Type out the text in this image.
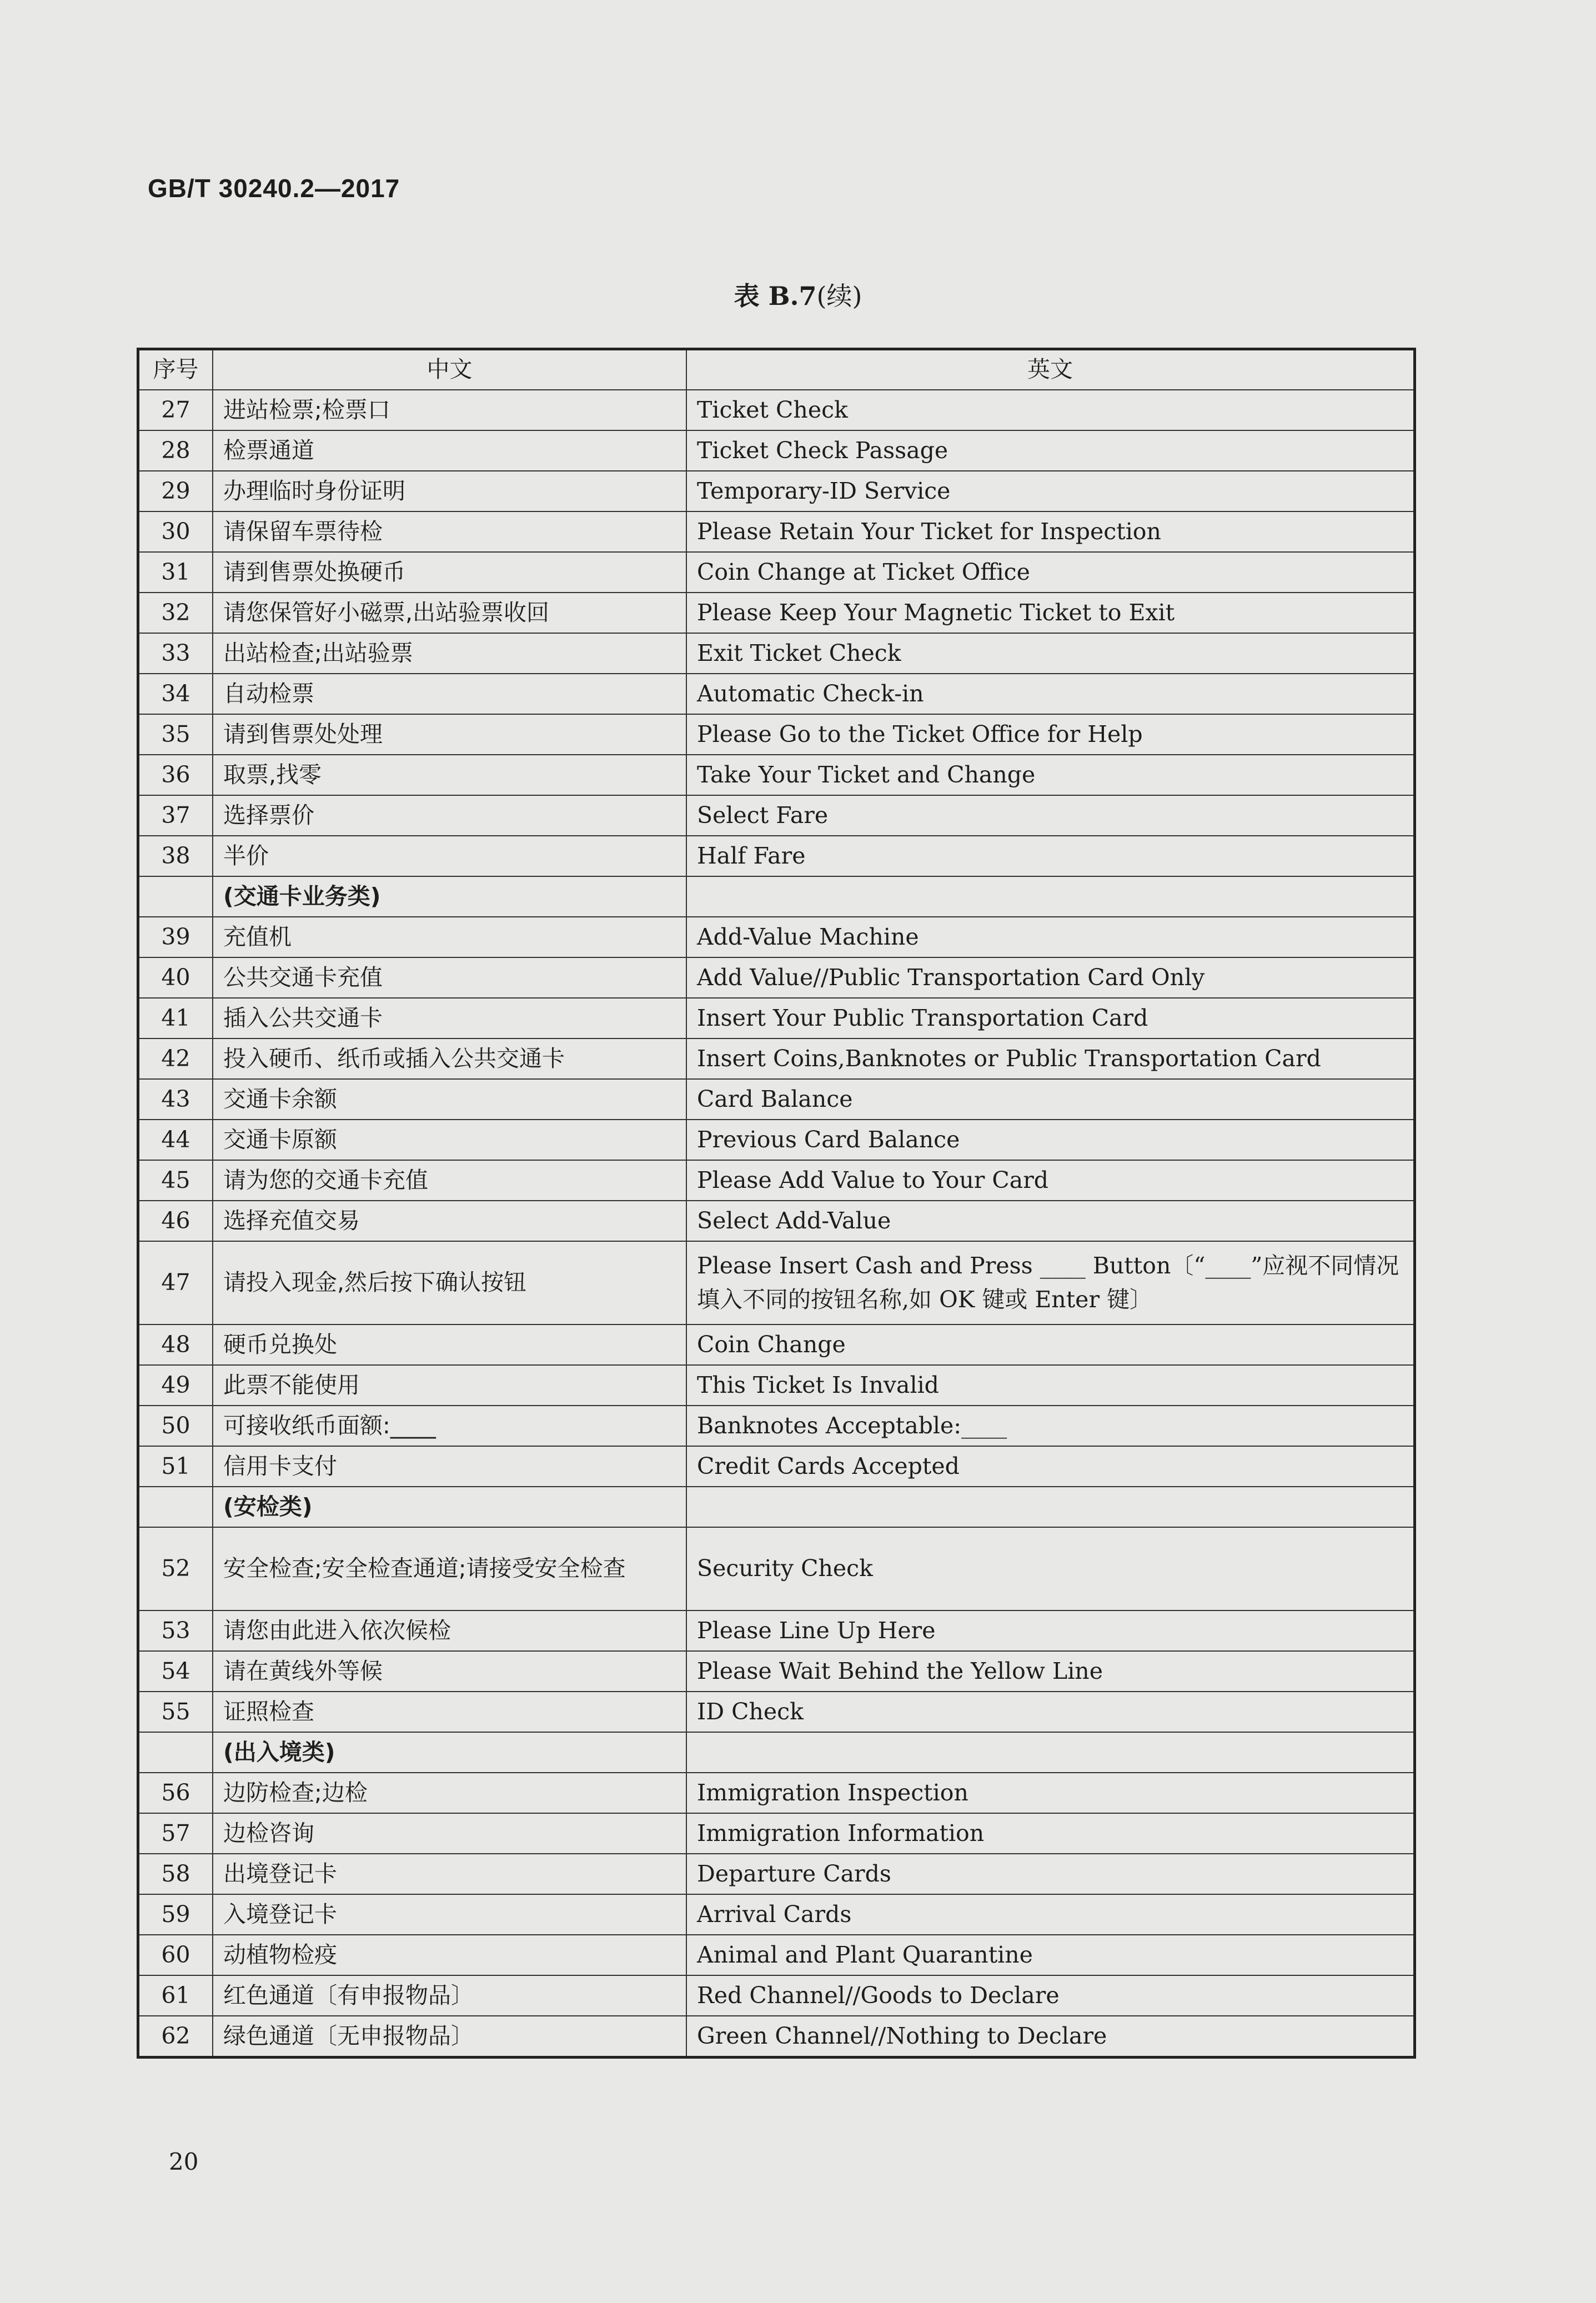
GB/T 30240.2—2017
表 B.7(续)
序号	中文	英文
27	进站检票;检票口	Ticket Check
28	检票通道	Ticket Check Passage
29	办理临时身份证明	Temporary-ID Service
30	请保留车票待检	Please Retain Your Ticket for Inspection
31	请到售票处换硬币	Coin Change at Ticket Office
32	请您保管好小磁票,出站验票收回	Please Keep Your Magnetic Ticket to Exit
33	出站检查;出站验票	Exit Ticket Check
34	自动检票	Automatic Check-in
35	请到售票处处理	Please Go to the Ticket Office for Help
36	取票,找零	Take Your Ticket and Change
37	选择票价	Select Fare
38	半价	Half Fare
	(交通卡业务类)	
39	充值机	Add-Value Machine
40	公共交通卡充值	Add Value//Public Transportation Card Only
41	插入公共交通卡	Insert Your Public Transportation Card
42	投入硬币、纸币或插入公共交通卡	Insert Coins,Banknotes or Public Transportation Card
43	交通卡余额	Card Balance
44	交通卡原额	Previous Card Balance
45	请为您的交通卡充值	Please Add Value to Your Card
46	选择充值交易	Select Add-Value
47	请投入现金,然后按下确认按钮	Please Insert Cash and Press ____ Button〔“____”应视不同情况填入不同的按钮名称,如 OK 键或 Enter 键〕
48	硬币兑换处	Coin Change
49	此票不能使用	This Ticket Is Invalid
50	可接收纸币面额:____	Banknotes Acceptable:____
51	信用卡支付	Credit Cards Accepted
	(安检类)	
52	安全检查;安全检查通道;请接受安全检查	Security Check
53	请您由此进入依次候检	Please Line Up Here
54	请在黄线外等候	Please Wait Behind the Yellow Line
55	证照检查	ID Check
	(出入境类)	
56	边防检查;边检	Immigration Inspection
57	边检咨询	Immigration Information
58	出境登记卡	Departure Cards
59	入境登记卡	Arrival Cards
60	动植物检疫	Animal and Plant Quarantine
61	红色通道〔有申报物品〕	Red Channel//Goods to Declare
62	绿色通道〔无申报物品〕	Green Channel//Nothing to Declare
20
